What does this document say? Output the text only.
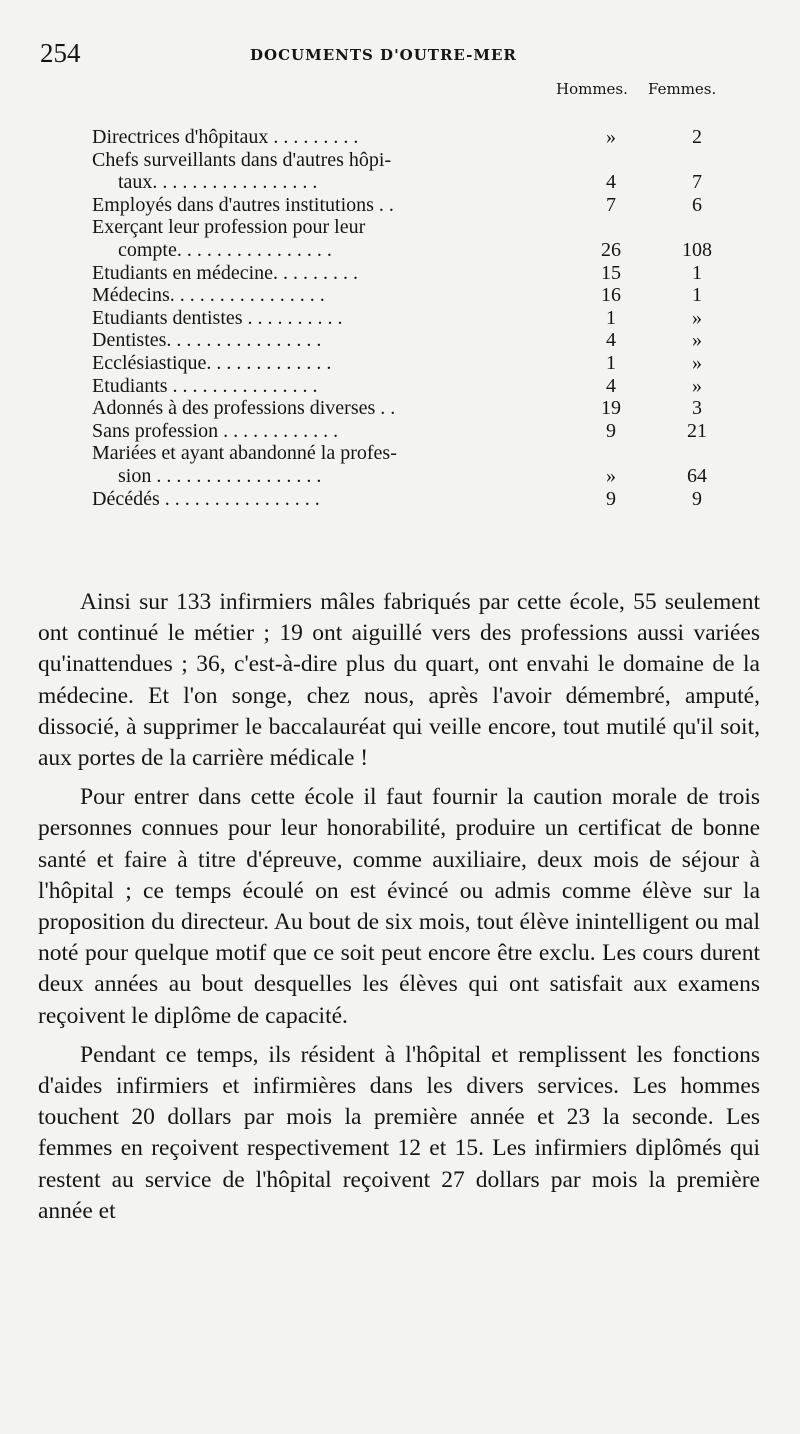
254	DOCUMENTS D'OUTRE-MER
Hommes. Femmes.
Directrices d'hôpitaux . . . . . . . . .	»	2
Chefs surveillants dans d'autres hôpi-
taux. . . . . . . . . . . . . . . . .	4	7
Employés dans d'autres institutions . .	7	6
Exerçant leur profession pour leur
compte. . . . . . . . . . . . . . . .	26	108
Etudiants en médecine. . . . . . . . .	15	1
Médecins. . . . . . . . . . . . . . . .	16	1
Etudiants dentistes . . . . . . . . . .	1	»
Dentistes. . . . . . . . . . . . . . . .	4	»
Ecclésiastique. . . . . . . . . . . . .	1	»
Etudiants . . . . . . . . . . . . . . .	4	»
Adonnés à des professions diverses . .	19	3
Sans profession . . . . . . . . . . . .	9	21
Mariées et ayant abandonné la profes-
sion . . . . . . . . . . . . . . . . .	»	64
Décédés . . . . . . . . . . . . . . . .	9	9

Ainsi sur 133 infirmiers mâles fabriqués par cette école, 55 seulement ont continué le métier ; 19 ont aiguillé vers des professions aussi variées qu'inattendues ; 36, c'est-à-dire plus du quart, ont envahi le domaine de la médecine. Et l'on songe, chez nous, après l'avoir démembré, amputé, dissocié, à supprimer le baccalauréat qui veille encore, tout mutilé qu'il soit, aux portes de la carrière médicale !

Pour entrer dans cette école il faut fournir la caution morale de trois personnes connues pour leur honorabilité, produire un certificat de bonne santé et faire à titre d'épreuve, comme auxiliaire, deux mois de séjour à l'hôpital ; ce temps écoulé on est évincé ou admis comme élève sur la proposition du directeur. Au bout de six mois, tout élève inintelligent ou mal noté pour quelque motif que ce soit peut encore être exclu. Les cours durent deux années au bout desquelles les élèves qui ont satisfait aux examens reçoivent le diplôme de capacité.

Pendant ce temps, ils résident à l'hôpital et remplissent les fonctions d'aides infirmiers et infirmières dans les divers services. Les hommes touchent 20 dollars par mois la première année et 23 la seconde. Les femmes en reçoivent respectivement 12 et 15. Les infirmiers diplômés qui restent au service de l'hôpital reçoivent 27 dollars par mois la première année et
